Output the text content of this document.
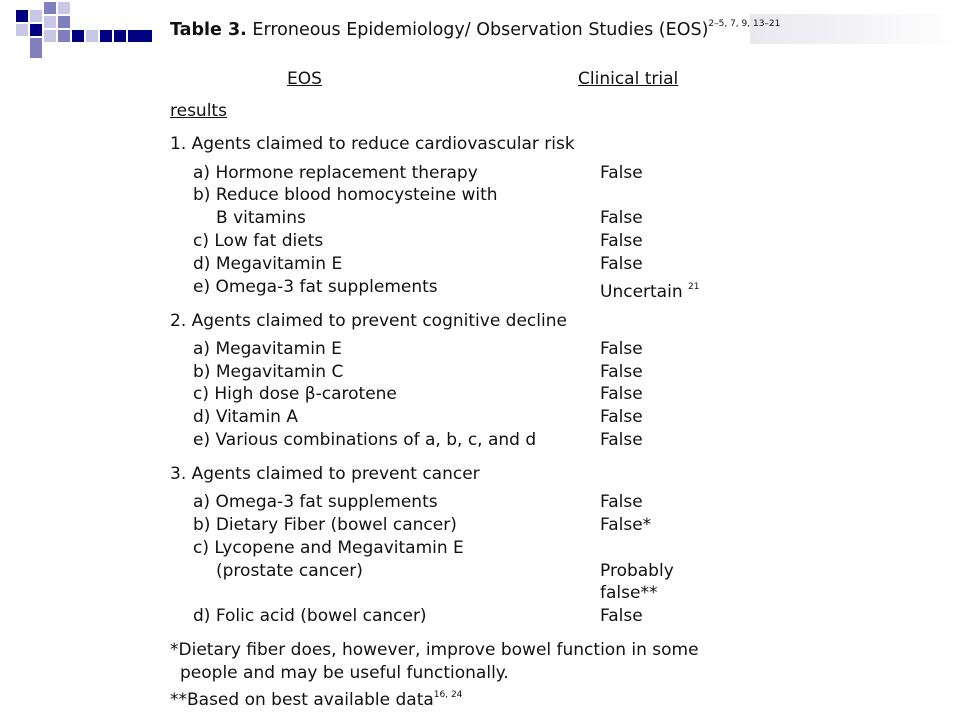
Table 3. Erroneous Epidemiology/ Observation Studies (EOS)$^{2-5, 7, 9, 13-21}$
EOS	Clinical trial
results
1. Agents claimed to reduce cardiovascular risk
a) Hormone replacement therapy	False
b) Reduce blood homocysteine with
B vitamins	False
c) Low fat diets	False
d) Megavitamin E	False
e) Omega-3 fat supplements	Uncertain $^{21}$
2. Agents claimed to prevent cognitive decline
a) Megavitamin E	False
b) Megavitamin C	False
c) High dose β-carotene	False
d) Vitamin A	False
e) Various combinations of a, b, c, and d	False
3. Agents claimed to prevent cancer
a) Omega-3 fat supplements	False
b) Dietary Fiber (bowel cancer)	False*
c) Lycopene and Megavitamin E
(prostate cancer)	Probably
false**
d) Folic acid (bowel cancer)	False
*Dietary fiber does, however, improve bowel function in some
people and may be useful functionally.
**Based on best available data$^{16, 24}$
